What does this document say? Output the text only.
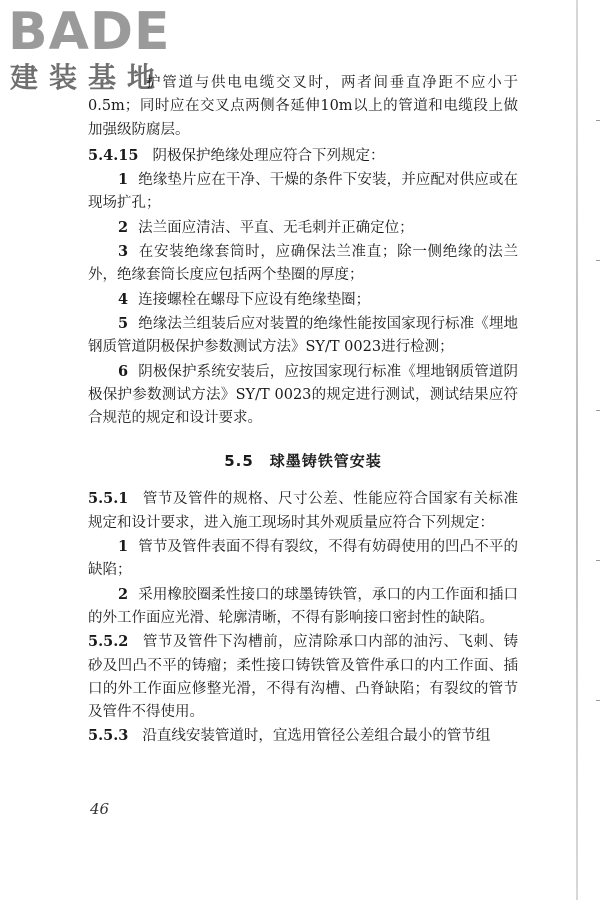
BADE
建装基地

护管道与供电电缆交叉时，两者间垂直净距不应小于0.5m；同时应在交叉点两侧各延伸10m以上的管道和电缆段上做加强级防腐层。

5.4.15 阴极保护绝缘处理应符合下列规定：

1 绝缘垫片应在干净、干燥的条件下安装，并应配对供应或在现场扩孔；

2 法兰面应清洁、平直、无毛刺并正确定位；

3 在安装绝缘套筒时，应确保法兰准直；除一侧绝缘的法兰外，绝缘套筒长度应包括两个垫圈的厚度；

4 连接螺栓在螺母下应设有绝缘垫圈；

5 绝缘法兰组装后应对装置的绝缘性能按国家现行标准《埋地钢质管道阴极保护参数测试方法》SY/T 0023进行检测；

6 阴极保护系统安装后，应按国家现行标准《埋地钢质管道阴极保护参数测试方法》SY/T 0023的规定进行测试，测试结果应符合规范的规定和设计要求。

5.5 球墨铸铁管安装

5.5.1 管节及管件的规格、尺寸公差、性能应符合国家有关标准规定和设计要求，进入施工现场时其外观质量应符合下列规定：

1 管节及管件表面不得有裂纹，不得有妨碍使用的凹凸不平的缺陷；

2 采用橡胶圈柔性接口的球墨铸铁管，承口的内工作面和插口的外工作面应光滑、轮廓清晰，不得有影响接口密封性的缺陷。

5.5.2 管节及管件下沟槽前，应清除承口内部的油污、飞刺、铸砂及凹凸不平的铸瘤；柔性接口铸铁管及管件承口的内工作面、插口的外工作面应修整光滑，不得有沟槽、凸脊缺陷；有裂纹的管节及管件不得使用。

5.5.3 沿直线安装管道时，宜选用管径公差组合最小的管节组

46
